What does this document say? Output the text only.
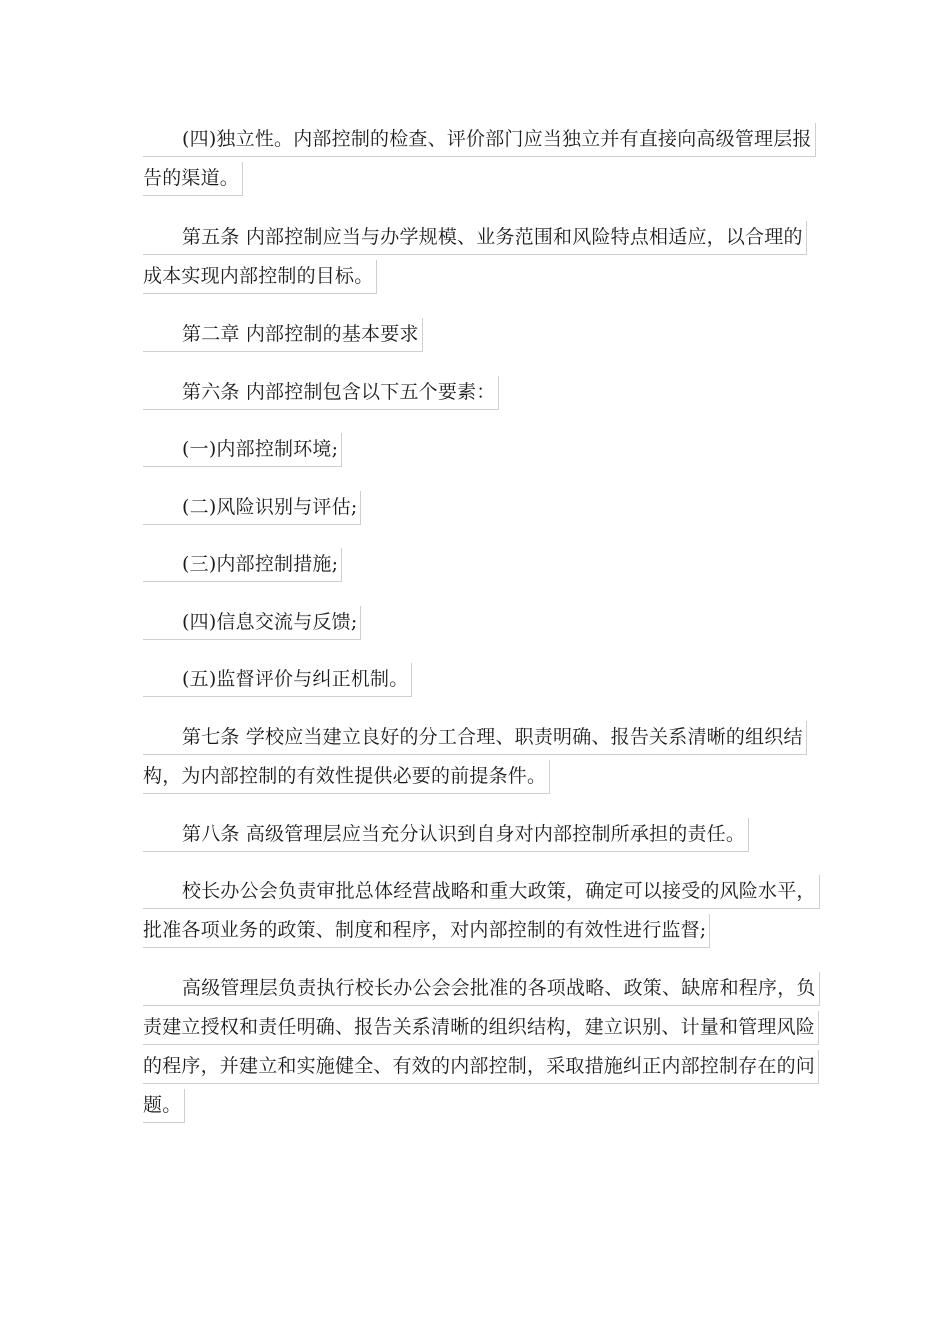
(四)独立性。内部控制的检查、评价部门应当独立并有直接向高级管理层报
告的渠道。
第五条 内部控制应当与办学规模、业务范围和风险特点相适应，以合理的
成本实现内部控制的目标。
第二章 内部控制的基本要求
第六条 内部控制包含以下五个要素：
(一)内部控制环境;
(二)风险识别与评估;
(三)内部控制措施;
(四)信息交流与反馈;
(五)监督评价与纠正机制。
第七条 学校应当建立良好的分工合理、职责明确、报告关系清晰的组织结
构，为内部控制的有效性提供必要的前提条件。
第八条 高级管理层应当充分认识到自身对内部控制所承担的责任。
校长办公会负责审批总体经营战略和重大政策，确定可以接受的风险水平，
批准各项业务的政策、制度和程序，对内部控制的有效性进行监督;
高级管理层负责执行校长办公会会批准的各项战略、政策、缺席和程序，负
责建立授权和责任明确、报告关系清晰的组织结构，建立识别、计量和管理风险
的程序，并建立和实施健全、有效的内部控制，采取措施纠正内部控制存在的问
题。
